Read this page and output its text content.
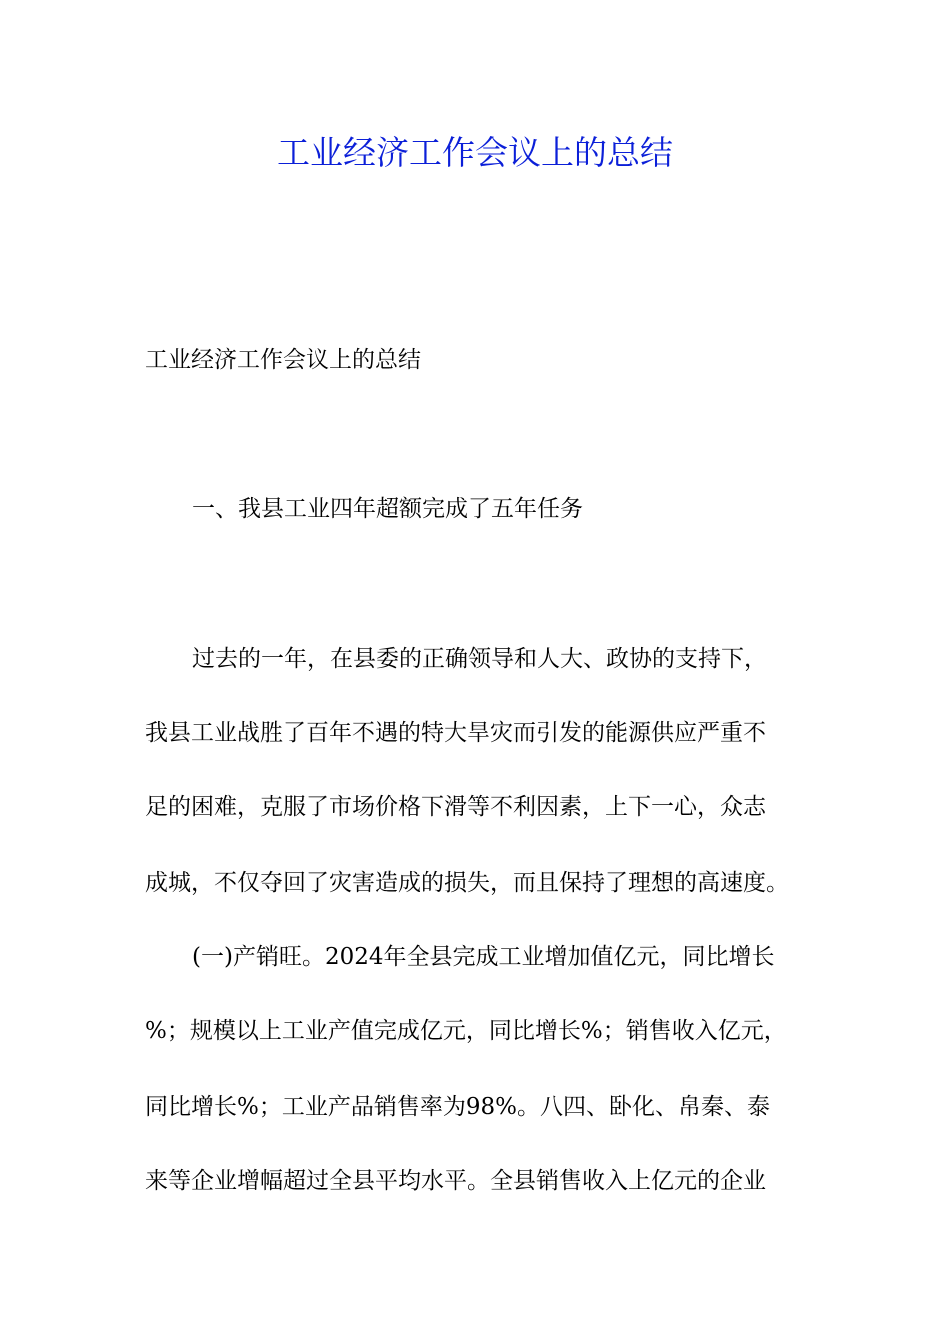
工业经济工作会议上的总结

工业经济工作会议上的总结

一、我县工业四年超额完成了五年任务

过去的一年，在县委的正确领导和人大、政协的支持下，

我县工业战胜了百年不遇的特大旱灾而引发的能源供应严重不

足的困难，克服了市场价格下滑等不利因素，上下一心，众志

成城，不仅夺回了灾害造成的损失，而且保持了理想的高速度。

(一)产销旺。2024年全县完成工业增加值亿元，同比增长

%；规模以上工业产值完成亿元，同比增长%；销售收入亿元，

同比增长%；工业产品销售率为98%。八四、卧化、帛秦、泰

来等企业增幅超过全县平均水平。全县销售收入上亿元的企业
